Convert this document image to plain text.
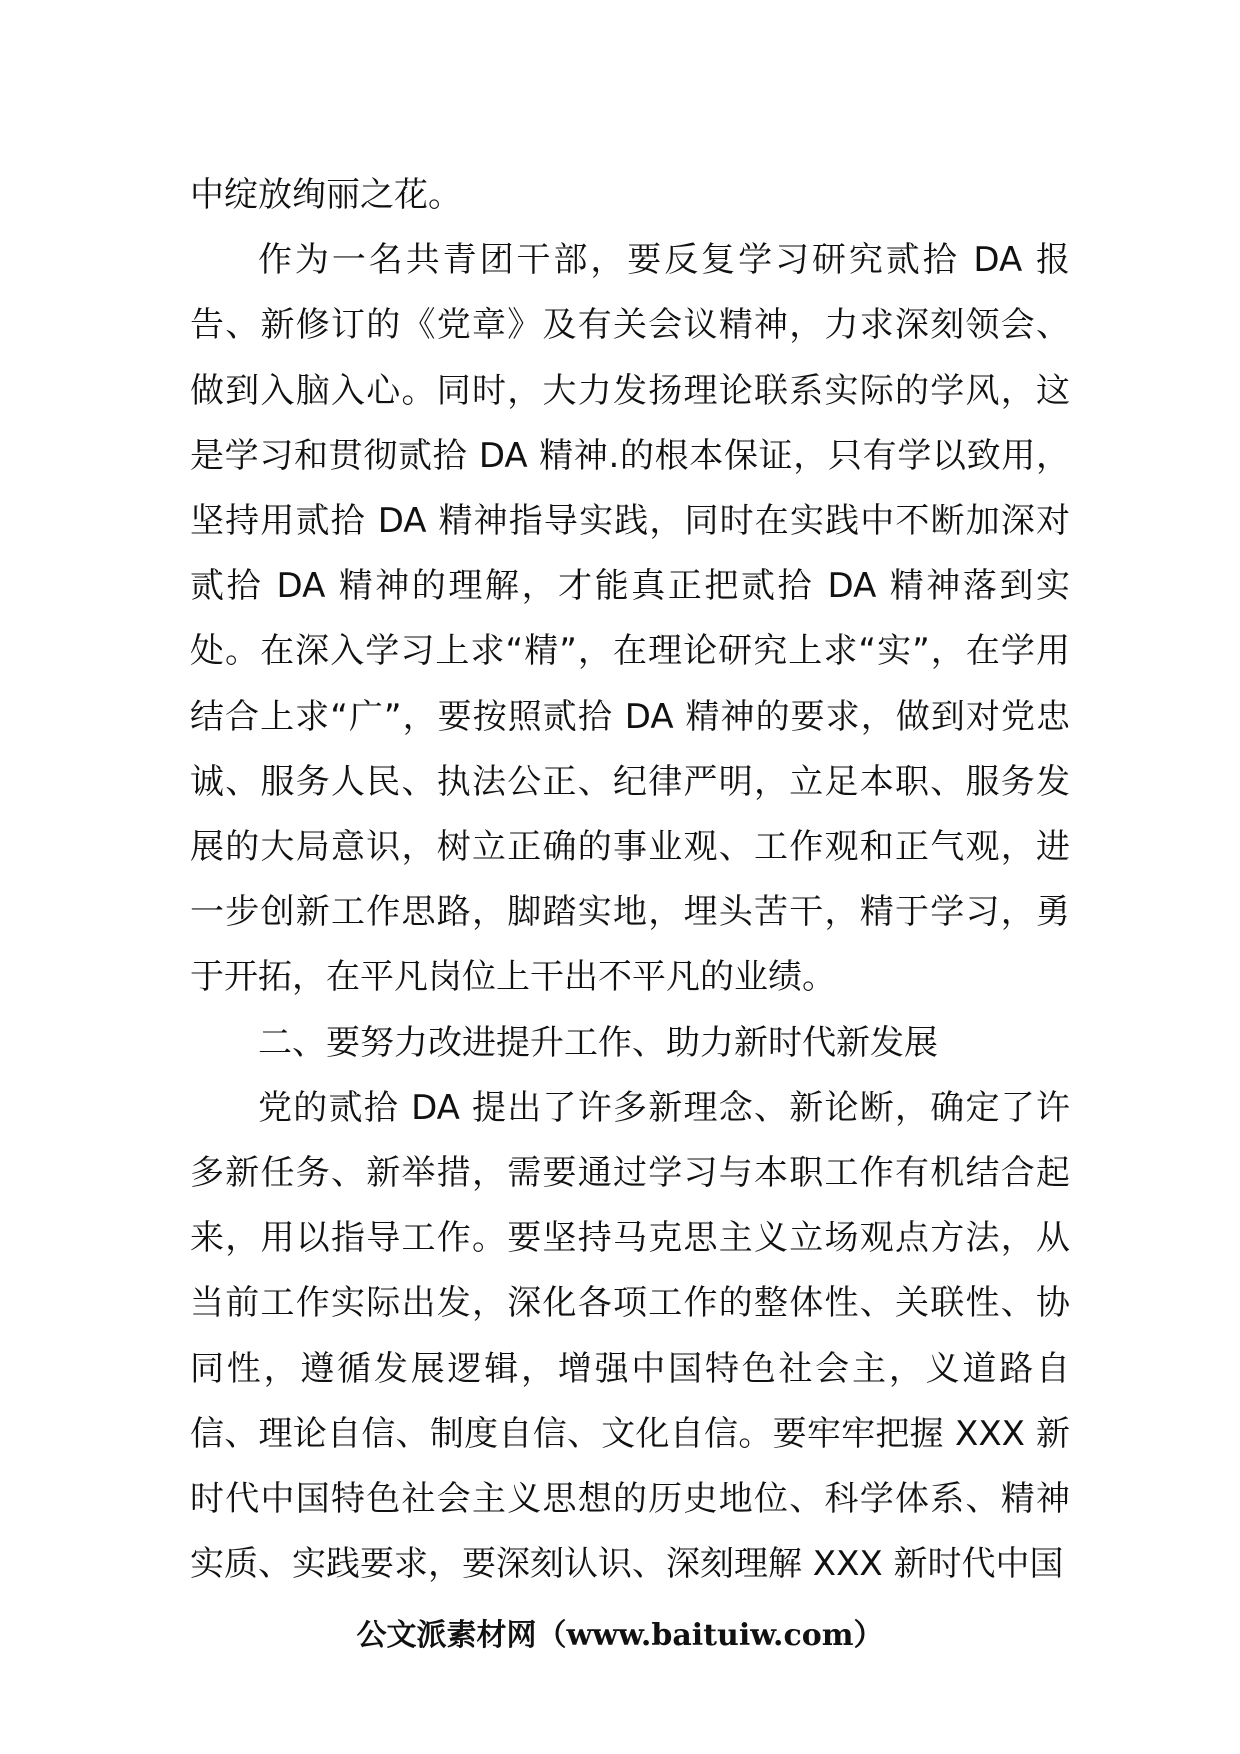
中绽放绚丽之花。

作为一名共青团干部，要反复学习研究贰拾 DA 报告、新修订的《党章》及有关会议精神，力求深刻领会、做到入脑入心。同时，大力发扬理论联系实际的学风，这是学习和贯彻贰拾 DA 精神.的根本保证，只有学以致用，坚持用贰拾 DA 精神指导实践，同时在实践中不断加深对贰拾 DA 精神的理解，才能真正把贰拾 DA 精神落到实处。在深入学习上求“精”，在理论研究上求“实”，在学用结合上求“广”，要按照贰拾 DA 精神的要求，做到对党忠诚、服务人民、执法公正、纪律严明，立足本职、服务发展的大局意识，树立正确的事业观、工作观和正气观，进一步创新工作思路，脚踏实地，埋头苦干，精于学习，勇于开拓，在平凡岗位上干出不平凡的业绩。

二、要努力改进提升工作、助力新时代新发展

党的贰拾 DA 提出了许多新理念、新论断，确定了许多新任务、新举措，需要通过学习与本职工作有机结合起来，用以指导工作。要坚持马克思主义立场观点方法，从当前工作实际出发，深化各项工作的整体性、关联性、协同性，遵循发展逻辑，增强中国特色社会主，义道路自信、理论自信、制度自信、文化自信。要牢牢把握 XXX 新时代中国特色社会主义思想的历史地位、科学体系、精神实质、实践要求，要深刻认识、深刻理解 XXX 新时代中国

公文派素材网（www.baituiw.com）
